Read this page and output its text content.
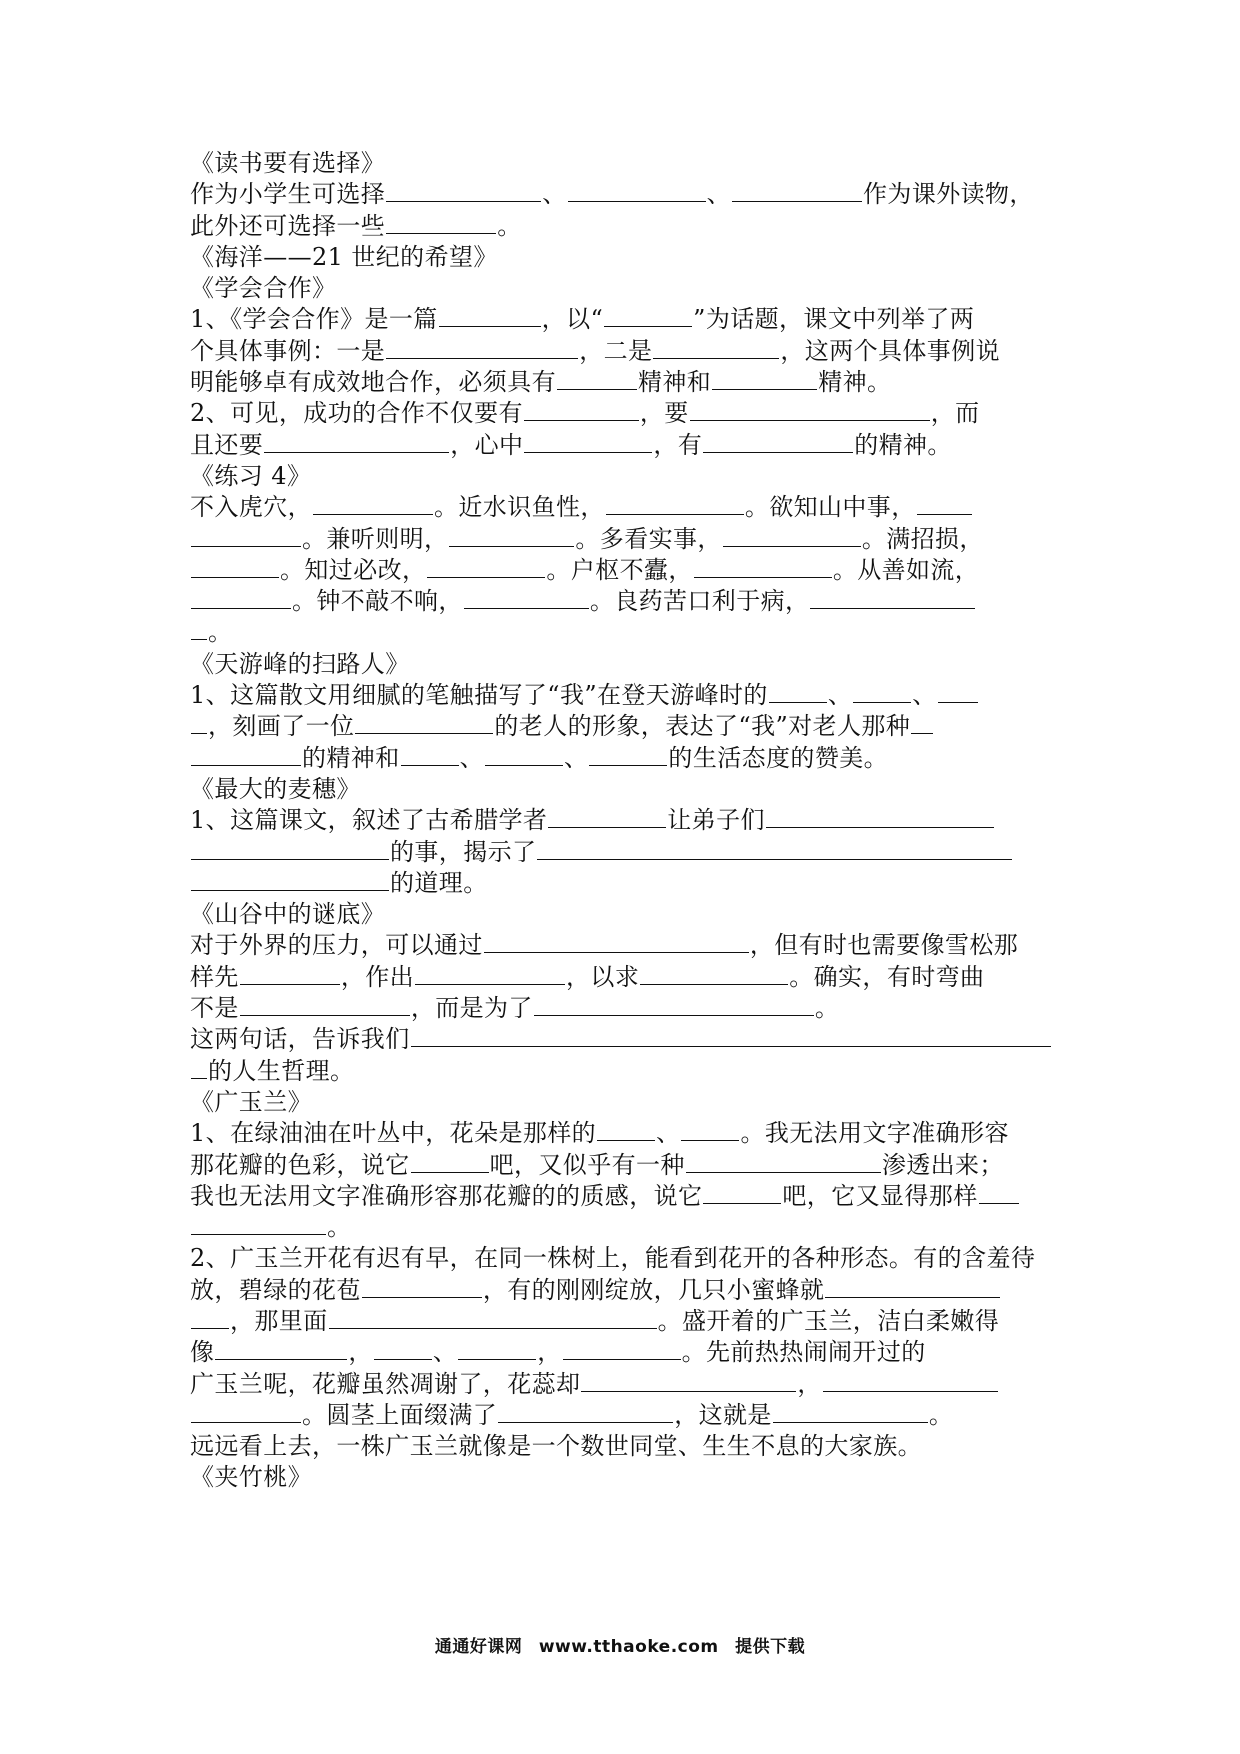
《读书要有选择》
作为小学生可选择	、	、	作为课外读物，
此外还可选择一些	。
《海洋——21 世纪的希望》
《学会合作》
1、《学会合作》是一篇	，以“	”为话题，课文中列举了两
个具体事例：一是	，二是	，这两个具体事例说
明能够卓有成效地合作，必须具有	精神和	精神。
2、可见，成功的合作不仅要有	，要	，而
且还要	，心中	，有	的精神。
《练习 4》
不入虎穴，	。近水识鱼性，	。欲知山中事，
。兼听则明，	。多看实事，	。满招损，
。知过必改，	。户枢不蠹，	。从善如流，
。钟不敲不响，	。良药苦口利于病，
。
《天游峰的扫路人》
1、这篇散文用细腻的笔触描写了“我”在登天游峰时的	、	、
，刻画了一位	的老人的形象，表达了“我”对老人那种
的精神和	、	、	的生活态度的赞美。
《最大的麦穗》
1、这篇课文，叙述了古希腊学者	让弟子们
的事，揭示了
的道理。
《山谷中的谜底》
对于外界的压力，可以通过	，但有时也需要像雪松那
样先	，作出	，以求	。确实，有时弯曲
不是	，而是为了	。
这两句话，告诉我们
的人生哲理。
《广玉兰》
1、在绿油油在叶丛中，花朵是那样的	、	。我无法用文字准确形容
那花瓣的色彩，说它	吧，又似乎有一种	渗透出来；
我也无法用文字准确形容那花瓣的的质感，说它	吧，它又显得那样
。
2、广玉兰开花有迟有早，在同一株树上，能看到花开的各种形态。有的含羞待
放，碧绿的花苞	，有的刚刚绽放，几只小蜜蜂就
，那里面	。盛开着的广玉兰，洁白柔嫩得
像	，	、	，	。先前热热闹闹开过的
广玉兰呢，花瓣虽然凋谢了，花蕊却	，
。圆茎上面缀满了	，这就是	。
远远看上去，一株广玉兰就像是一个数世同堂、生生不息的大家族。
《夹竹桃》
通通好课网 www.tthaoke.com 提供下载
